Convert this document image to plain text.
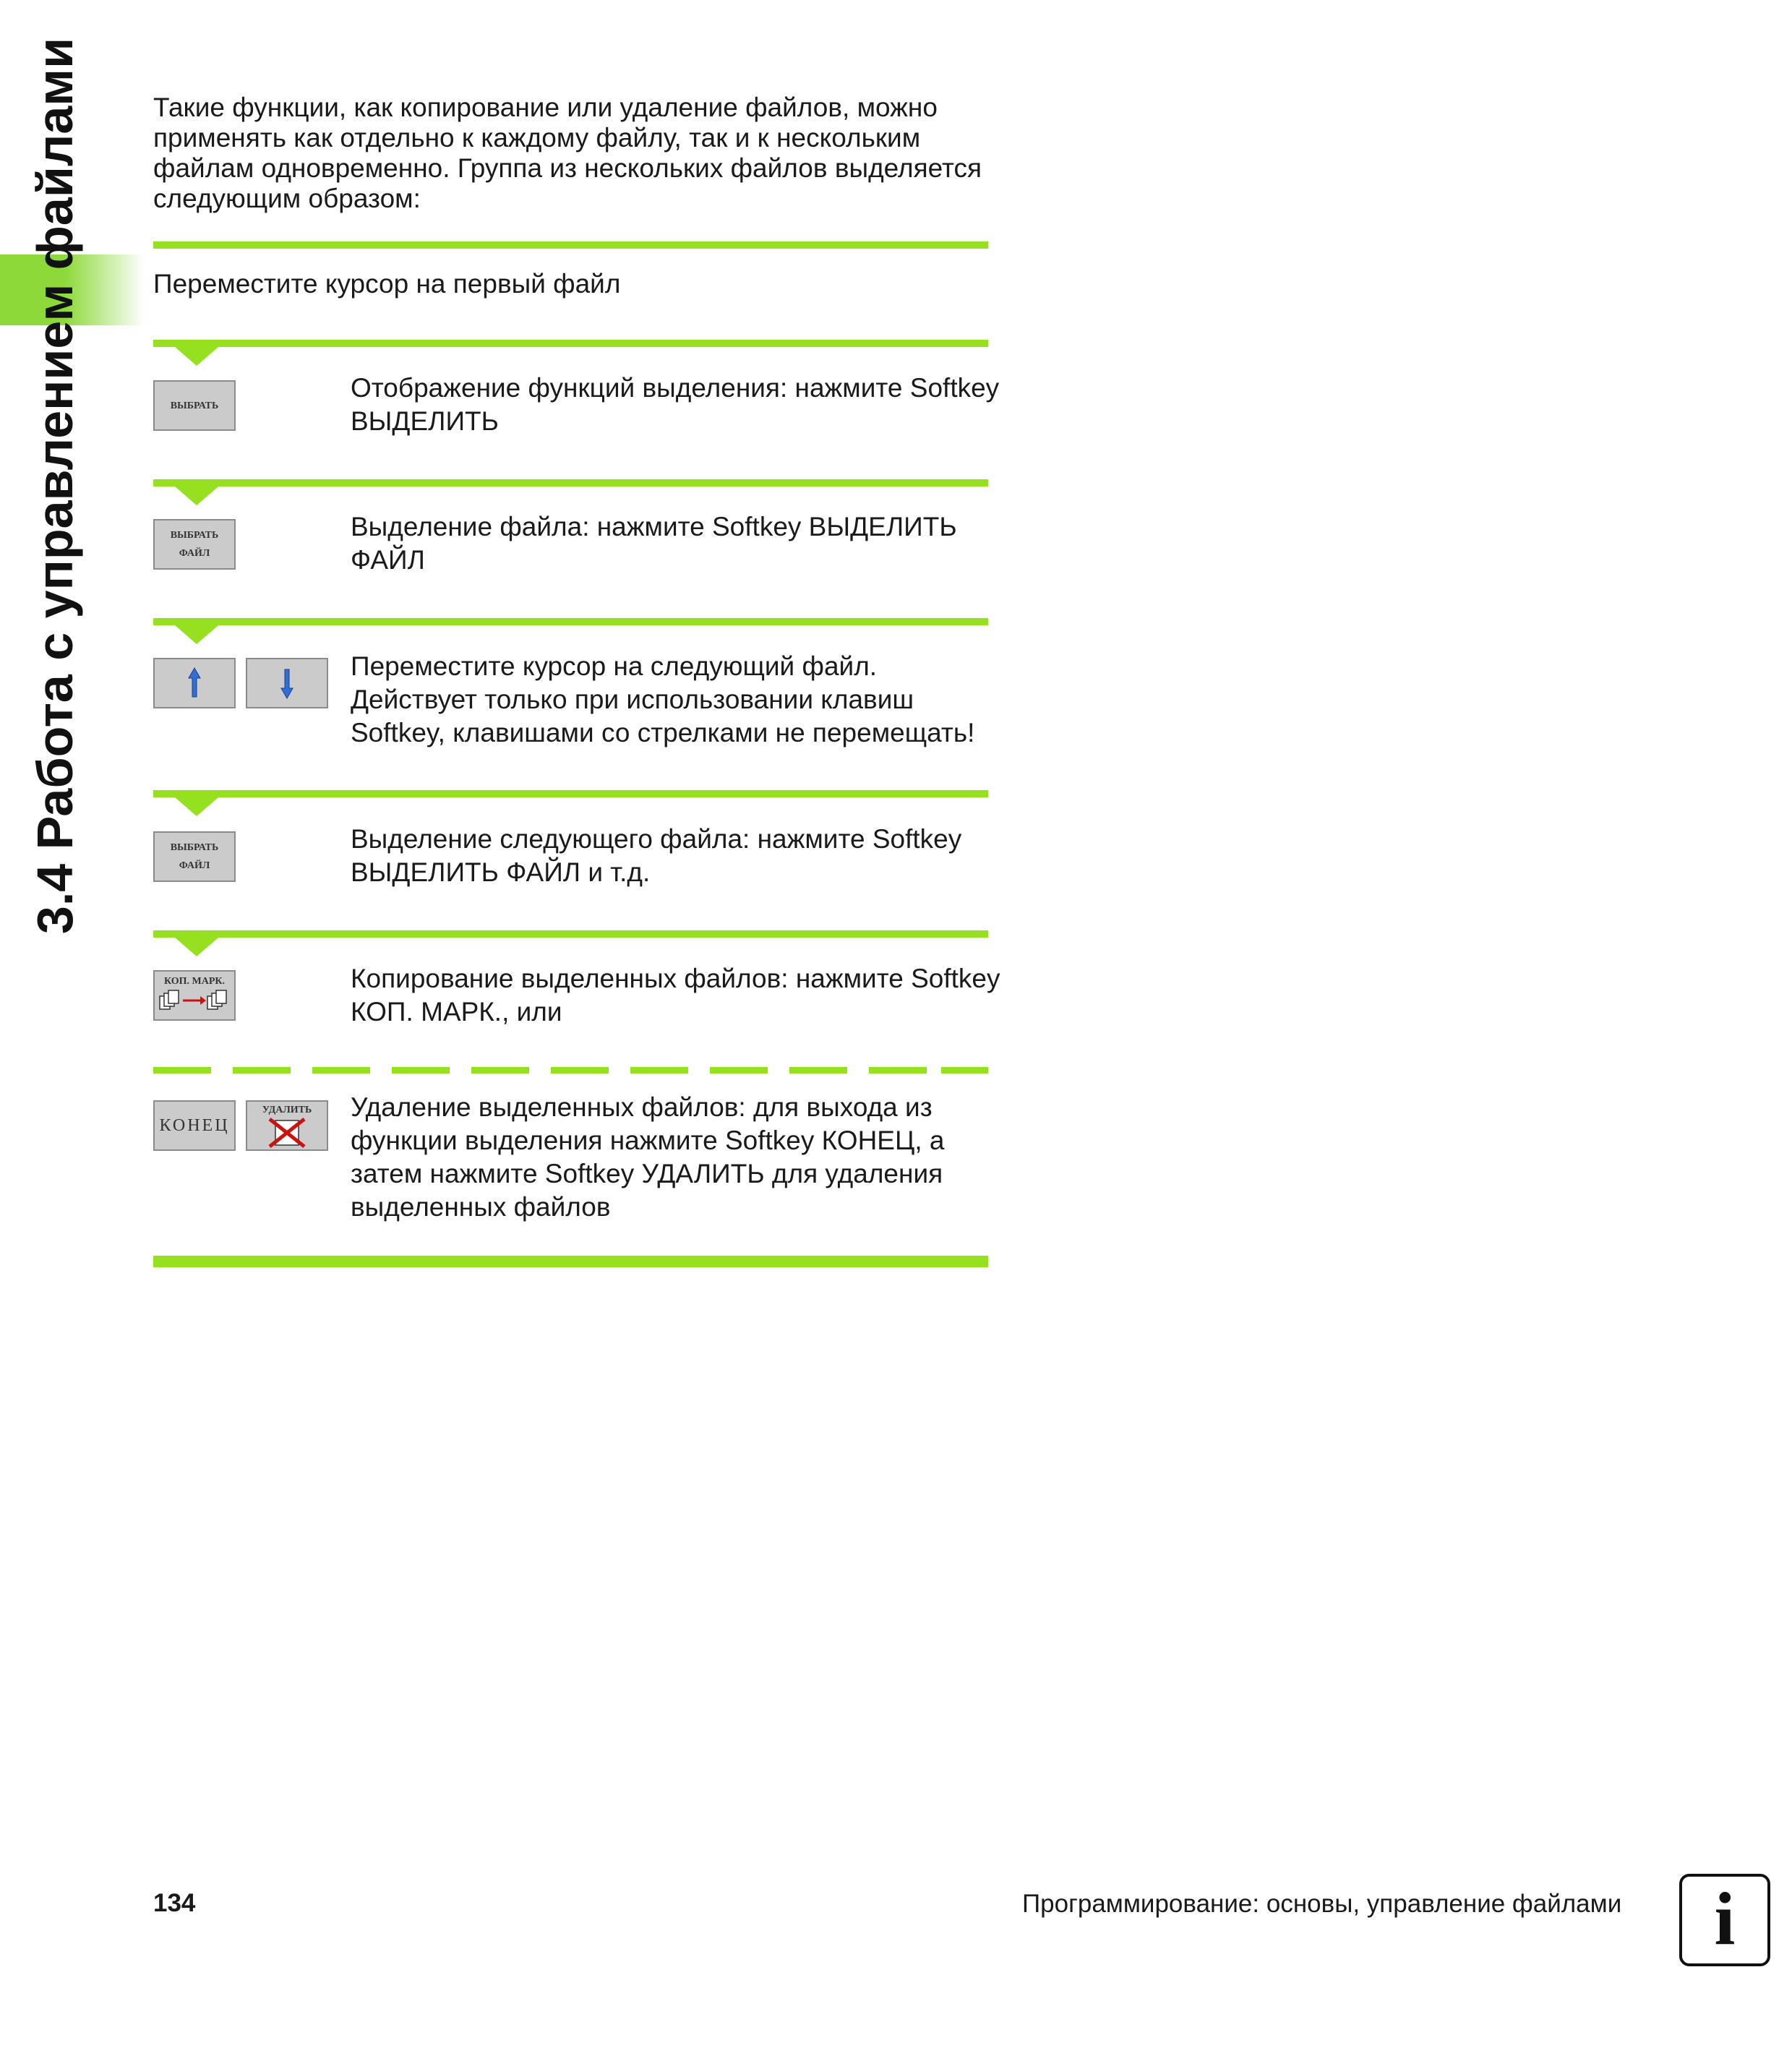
3.4 Работа с управлением файлами	Такие функции, как копирование или удаление файлов, можно применять как отдельно к каждому файлу, так и к нескольким файлам одновременно. Группа из нескольких файлов выделяется следующим образом:
Переместите курсор на первый файл
ВЫБРАТЬ
Отображение функций выделения: нажмите Softkey ВЫДЕЛИТЬ
ВЫБРАТЬ
ФАЙЛ
Выделение файла: нажмите Softkey ВЫДЕЛИТЬ ФАЙЛ
Переместите курсор на следующий файл. Действует только при использовании клавиш Softkey, клавишами со стрелками не перемещать!
ВЫБРАТЬ
ФАЙЛ
Выделение следующего файла: нажмите Softkey ВЫДЕЛИТЬ ФАЙЛ и т.д.
КОП. МАРК.	Копирование выделенных файлов: нажмите Softkey КОП. МАРК., или
КОНЕЦ
УДАЛИТЬ	Удаление выделенных файлов: для выхода из функции выделения нажмите Softkey КОНЕЦ, а затем нажмите Softkey УДАЛИТЬ для удаления выделенных файлов
134	Программирование: основы, управление файлами	i
